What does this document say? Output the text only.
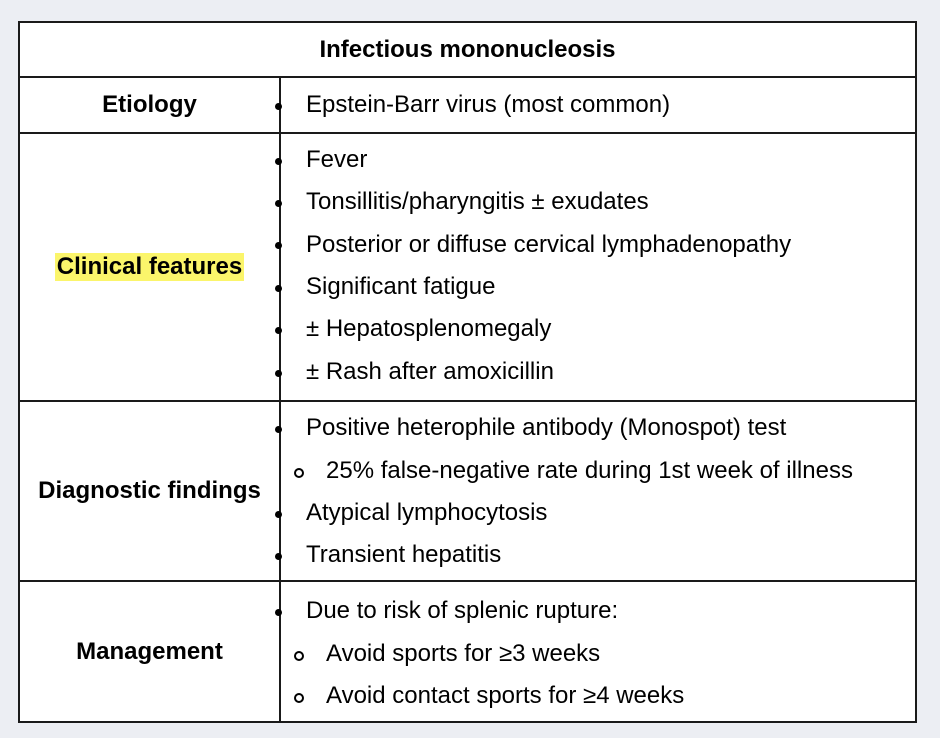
Infectious mononucleosis
Etiology	Epstein-Barr virus (most common)
Clinical features
Fever
Tonsillitis/pharyngitis ± exudates
Posterior or diffuse cervical lymphadenopathy
Significant fatigue
± Hepatosplenomegaly
± Rash after amoxicillin
Diagnostic findings
Positive heterophile antibody (Monospot) test
25% false-negative rate during 1st week of illness
Atypical lymphocytosis
Transient hepatitis
Management
Due to risk of splenic rupture:
Avoid sports for ≥3 weeks
Avoid contact sports for ≥4 weeks
